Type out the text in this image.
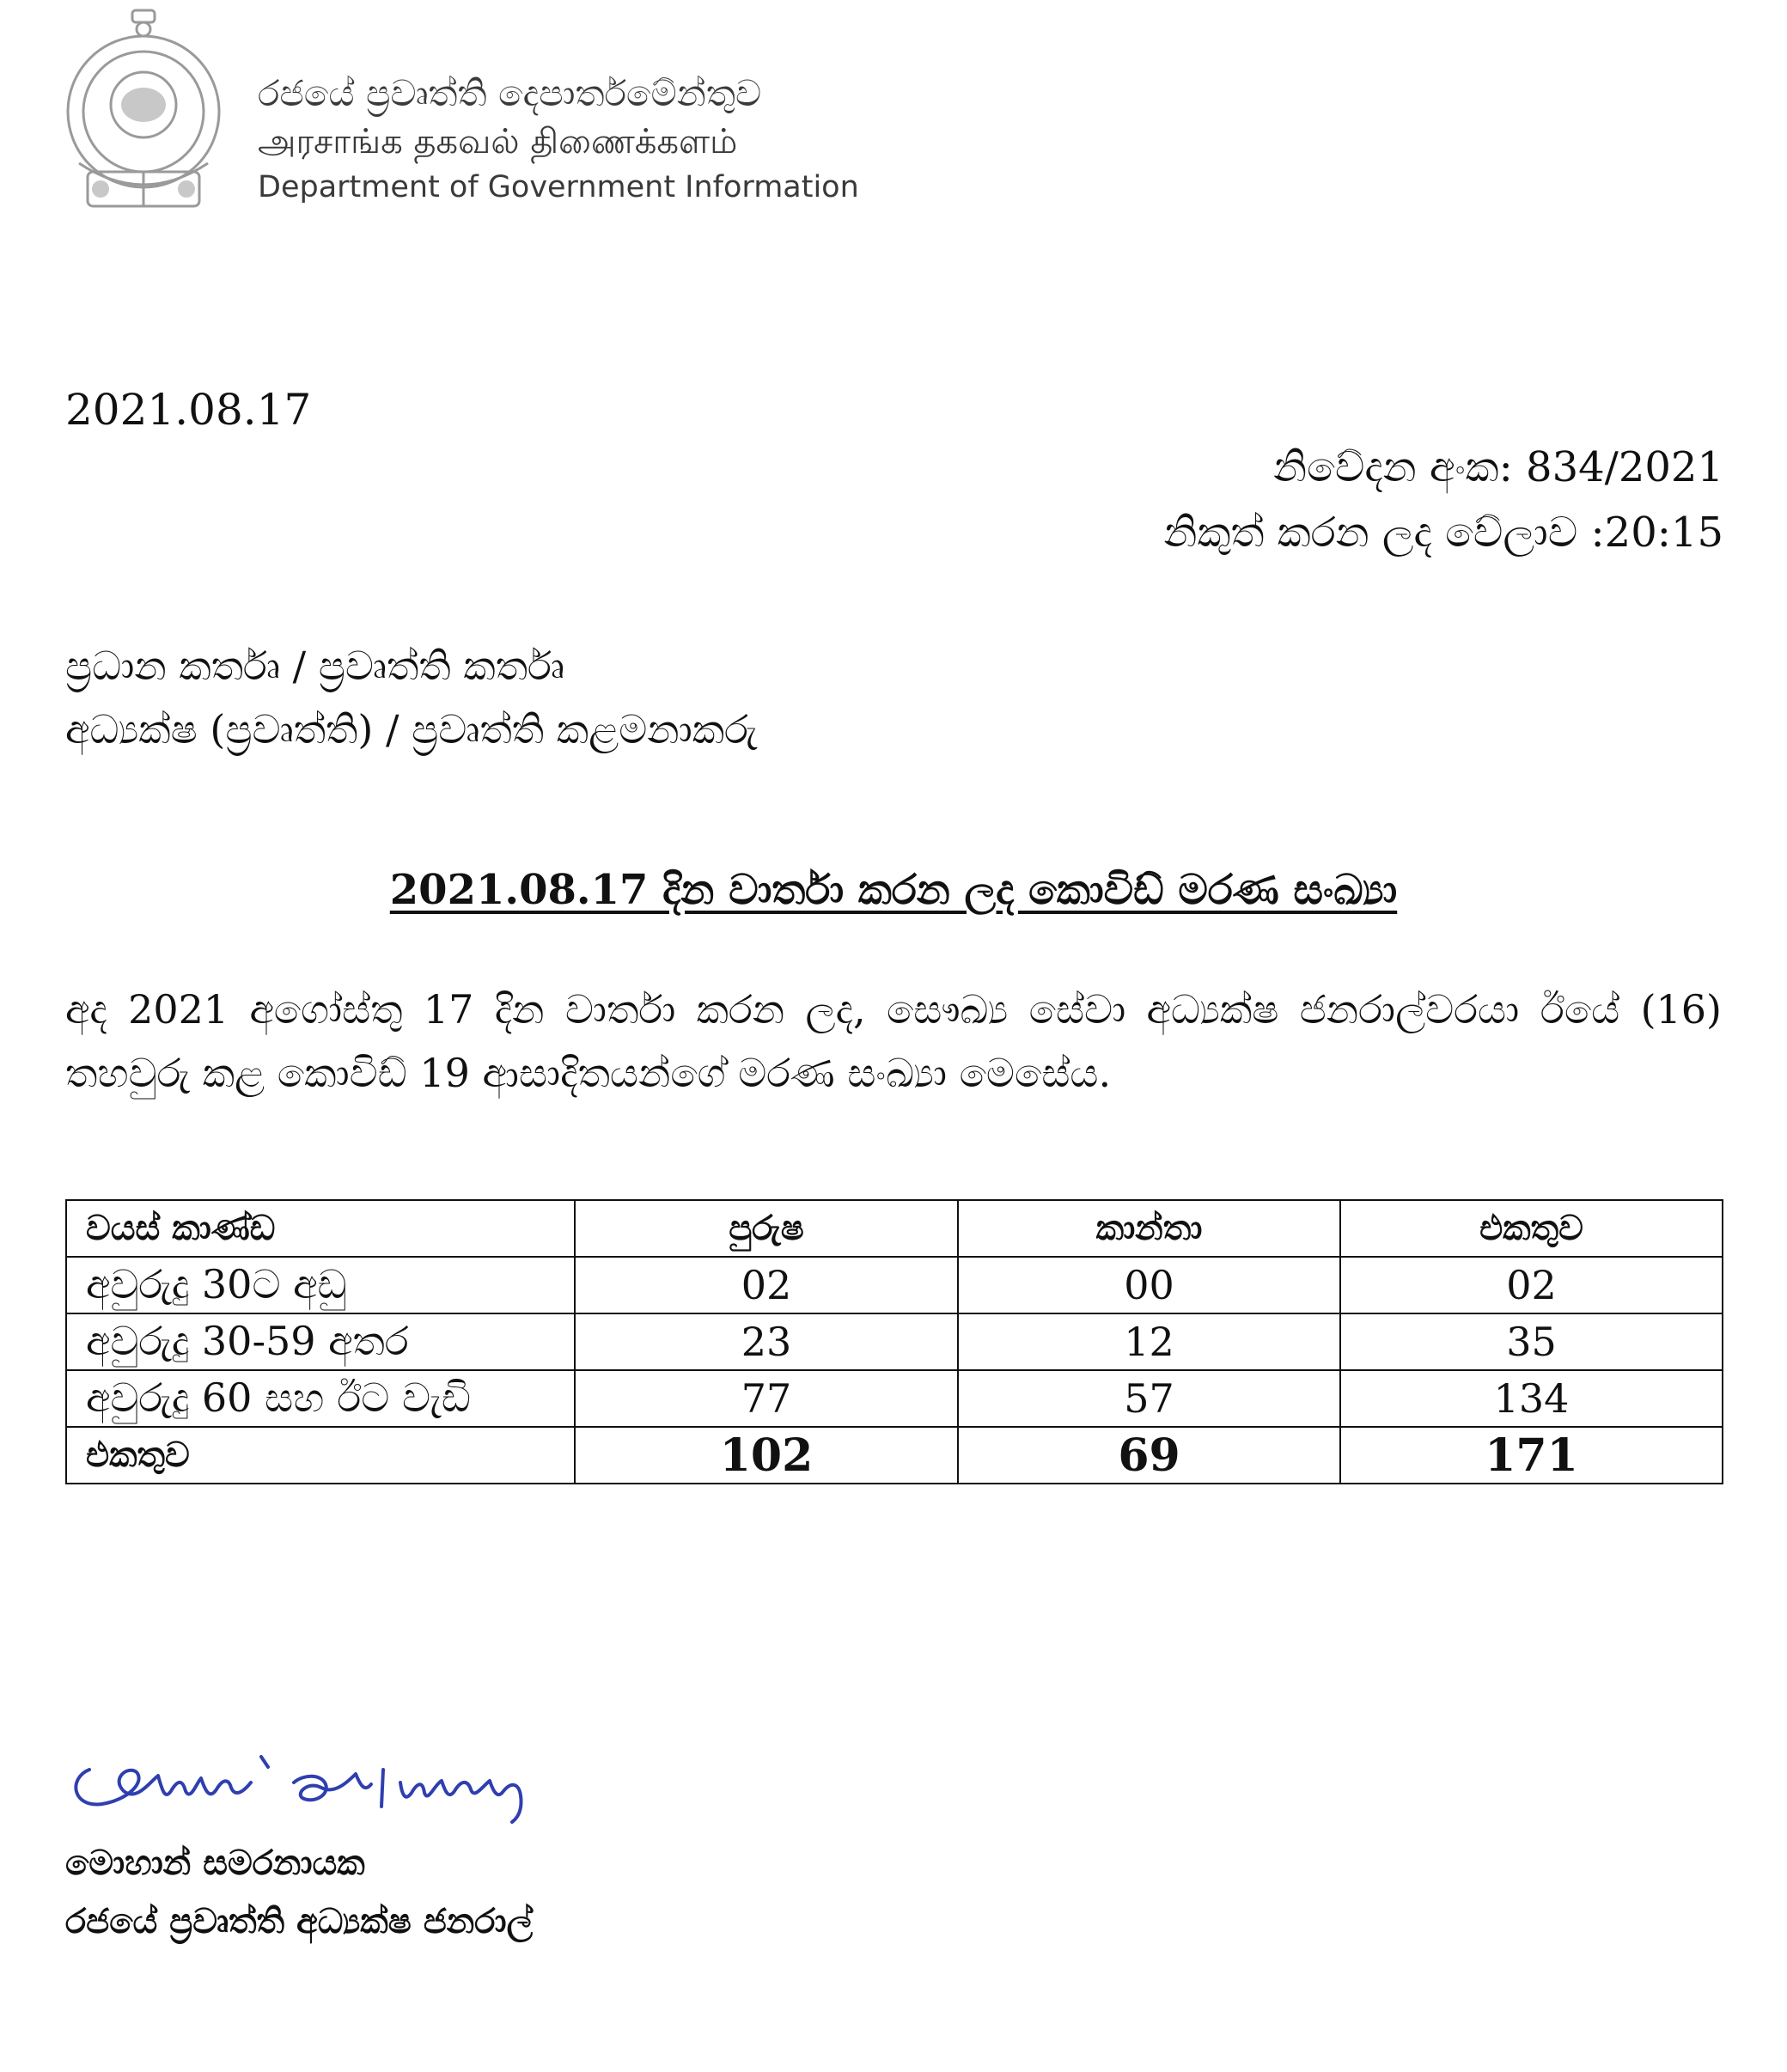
රජයේ ප්‍රවෘත්ති දෙපාර්තමේන්තුව
அரசாங்க தகவல் திணைக்களம்
Department of Government Information
2021.08.17
නිවේදන අංක: 834/2021
නිකුත් කරන ලද වේලාව :20:15
ප්‍රධාන කර්තෘ / ප්‍රවෘත්ති කර්තෘ
අධ්‍යක්ෂ (ප්‍රවෘත්ති) / ප්‍රවෘත්ති කළමනාකරු
2021.08.17 දින වාර්තා කරන ලද කොවිඩ් මරණ සංඛ්‍යා

අද 2021 අගෝස්තු 17 දින වාර්තා කරන ලද, සෞඛ්‍ය සේවා අධ්‍යක්ෂ ජනරාල්වරයා ඊයේ (16) තහවුරු කළ කොවිඩ් 19 ආසාදිතයන්ගේ මරණ සංඛ්‍යා මෙසේය.

වයස් කාණ්ඩ	පුරුෂ	කාන්තා	එකතුව
අවුරුදු 30ට අඩු	02	00	02
අවුරුදු 30-59 අතර	23	12	35
අවුරුදු 60 සහ ඊට වැඩි	77	57	134
එකතුව	102	69	171
මොහාන් සමරනායක
රජයේ ප්‍රවෘත්ති අධ්‍යක්ෂ ජනරාල්
